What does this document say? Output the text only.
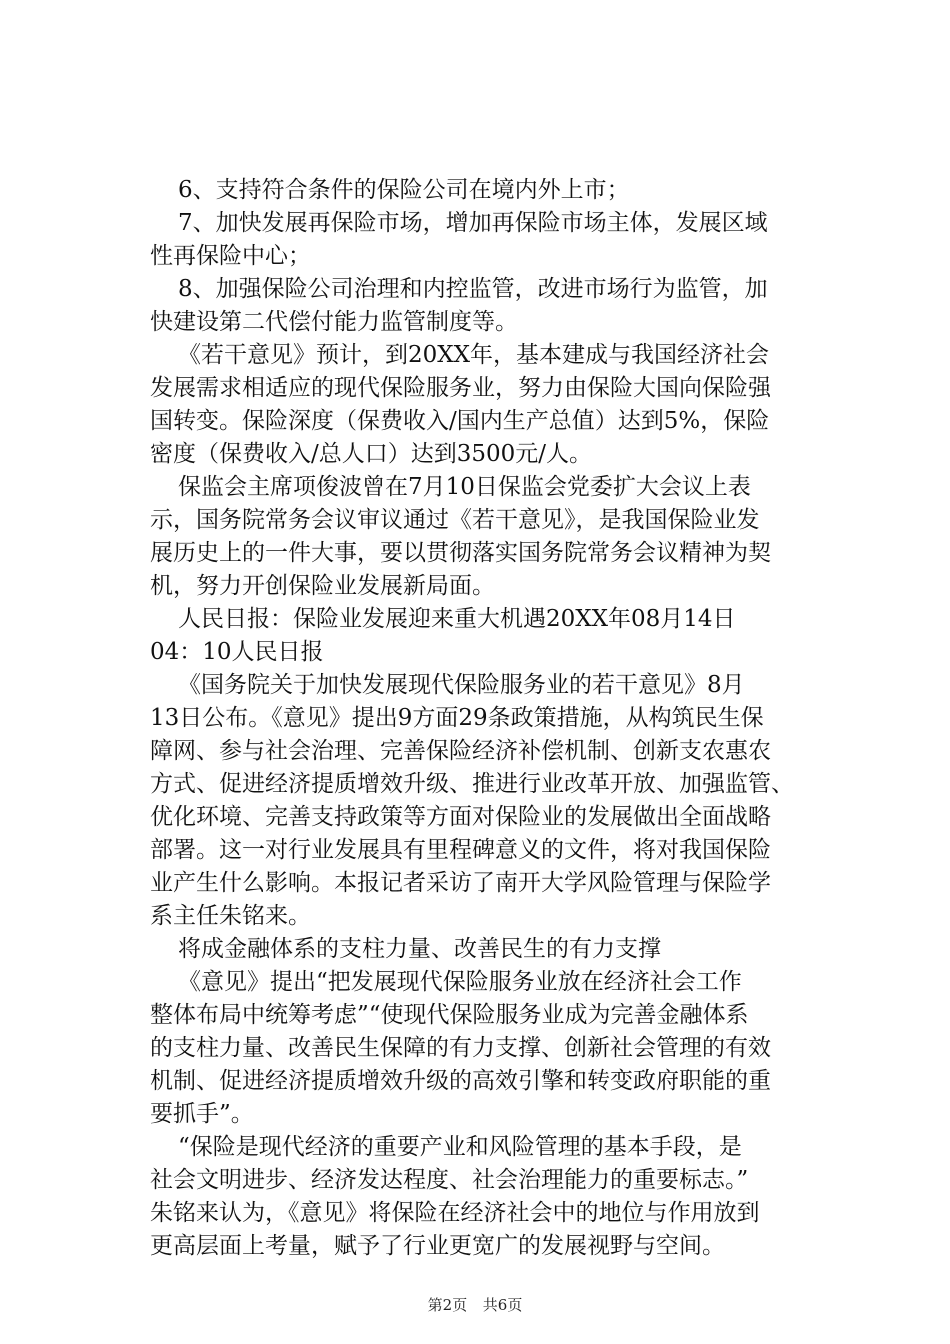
6、支持符合条件的保险公司在境内外上市；
7、加快发展再保险市场，增加再保险市场主体，发展区域
性再保险中心；
8、加强保险公司治理和内控监管，改进市场行为监管，加
快建设第二代偿付能力监管制度等。
《若干意见》预计，到20XX年，基本建成与我国经济社会
发展需求相适应的现代保险服务业，努力由保险大国向保险强
国转变。保险深度（保费收入/国内生产总值）达到5%，保险
密度（保费收入/总人口）达到3500元/人。
保监会主席项俊波曾在7月10日保监会党委扩大会议上表
示，国务院常务会议审议通过《若干意见》，是我国保险业发
展历史上的一件大事，要以贯彻落实国务院常务会议精神为契
机，努力开创保险业发展新局面。
人民日报：保险业发展迎来重大机遇20XX年08月14日
04：10人民日报
《国务院关于加快发展现代保险服务业的若干意见》8月
13日公布。《意见》提出9方面29条政策措施，从构筑民生保
障网、参与社会治理、完善保险经济补偿机制、创新支农惠农
方式、促进经济提质增效升级、推进行业改革开放、加强监管、
优化环境、完善支持政策等方面对保险业的发展做出全面战略
部署。这一对行业发展具有里程碑意义的文件，将对我国保险
业产生什么影响。本报记者采访了南开大学风险管理与保险学
系主任朱铭来。
将成金融体系的支柱力量、改善民生的有力支撑
《意见》提出“把发展现代保险服务业放在经济社会工作
整体布局中统筹考虑”“使现代保险服务业成为完善金融体系
的支柱力量、改善民生保障的有力支撑、创新社会管理的有效
机制、促进经济提质增效升级的高效引擎和转变政府职能的重
要抓手”。
“保险是现代经济的重要产业和风险管理的基本手段，是
社会文明进步、经济发达程度、社会治理能力的重要标志。”
朱铭来认为，《意见》将保险在经济社会中的地位与作用放到
更高层面上考量，赋予了行业更宽广的发展视野与空间。
第2页 共6页
